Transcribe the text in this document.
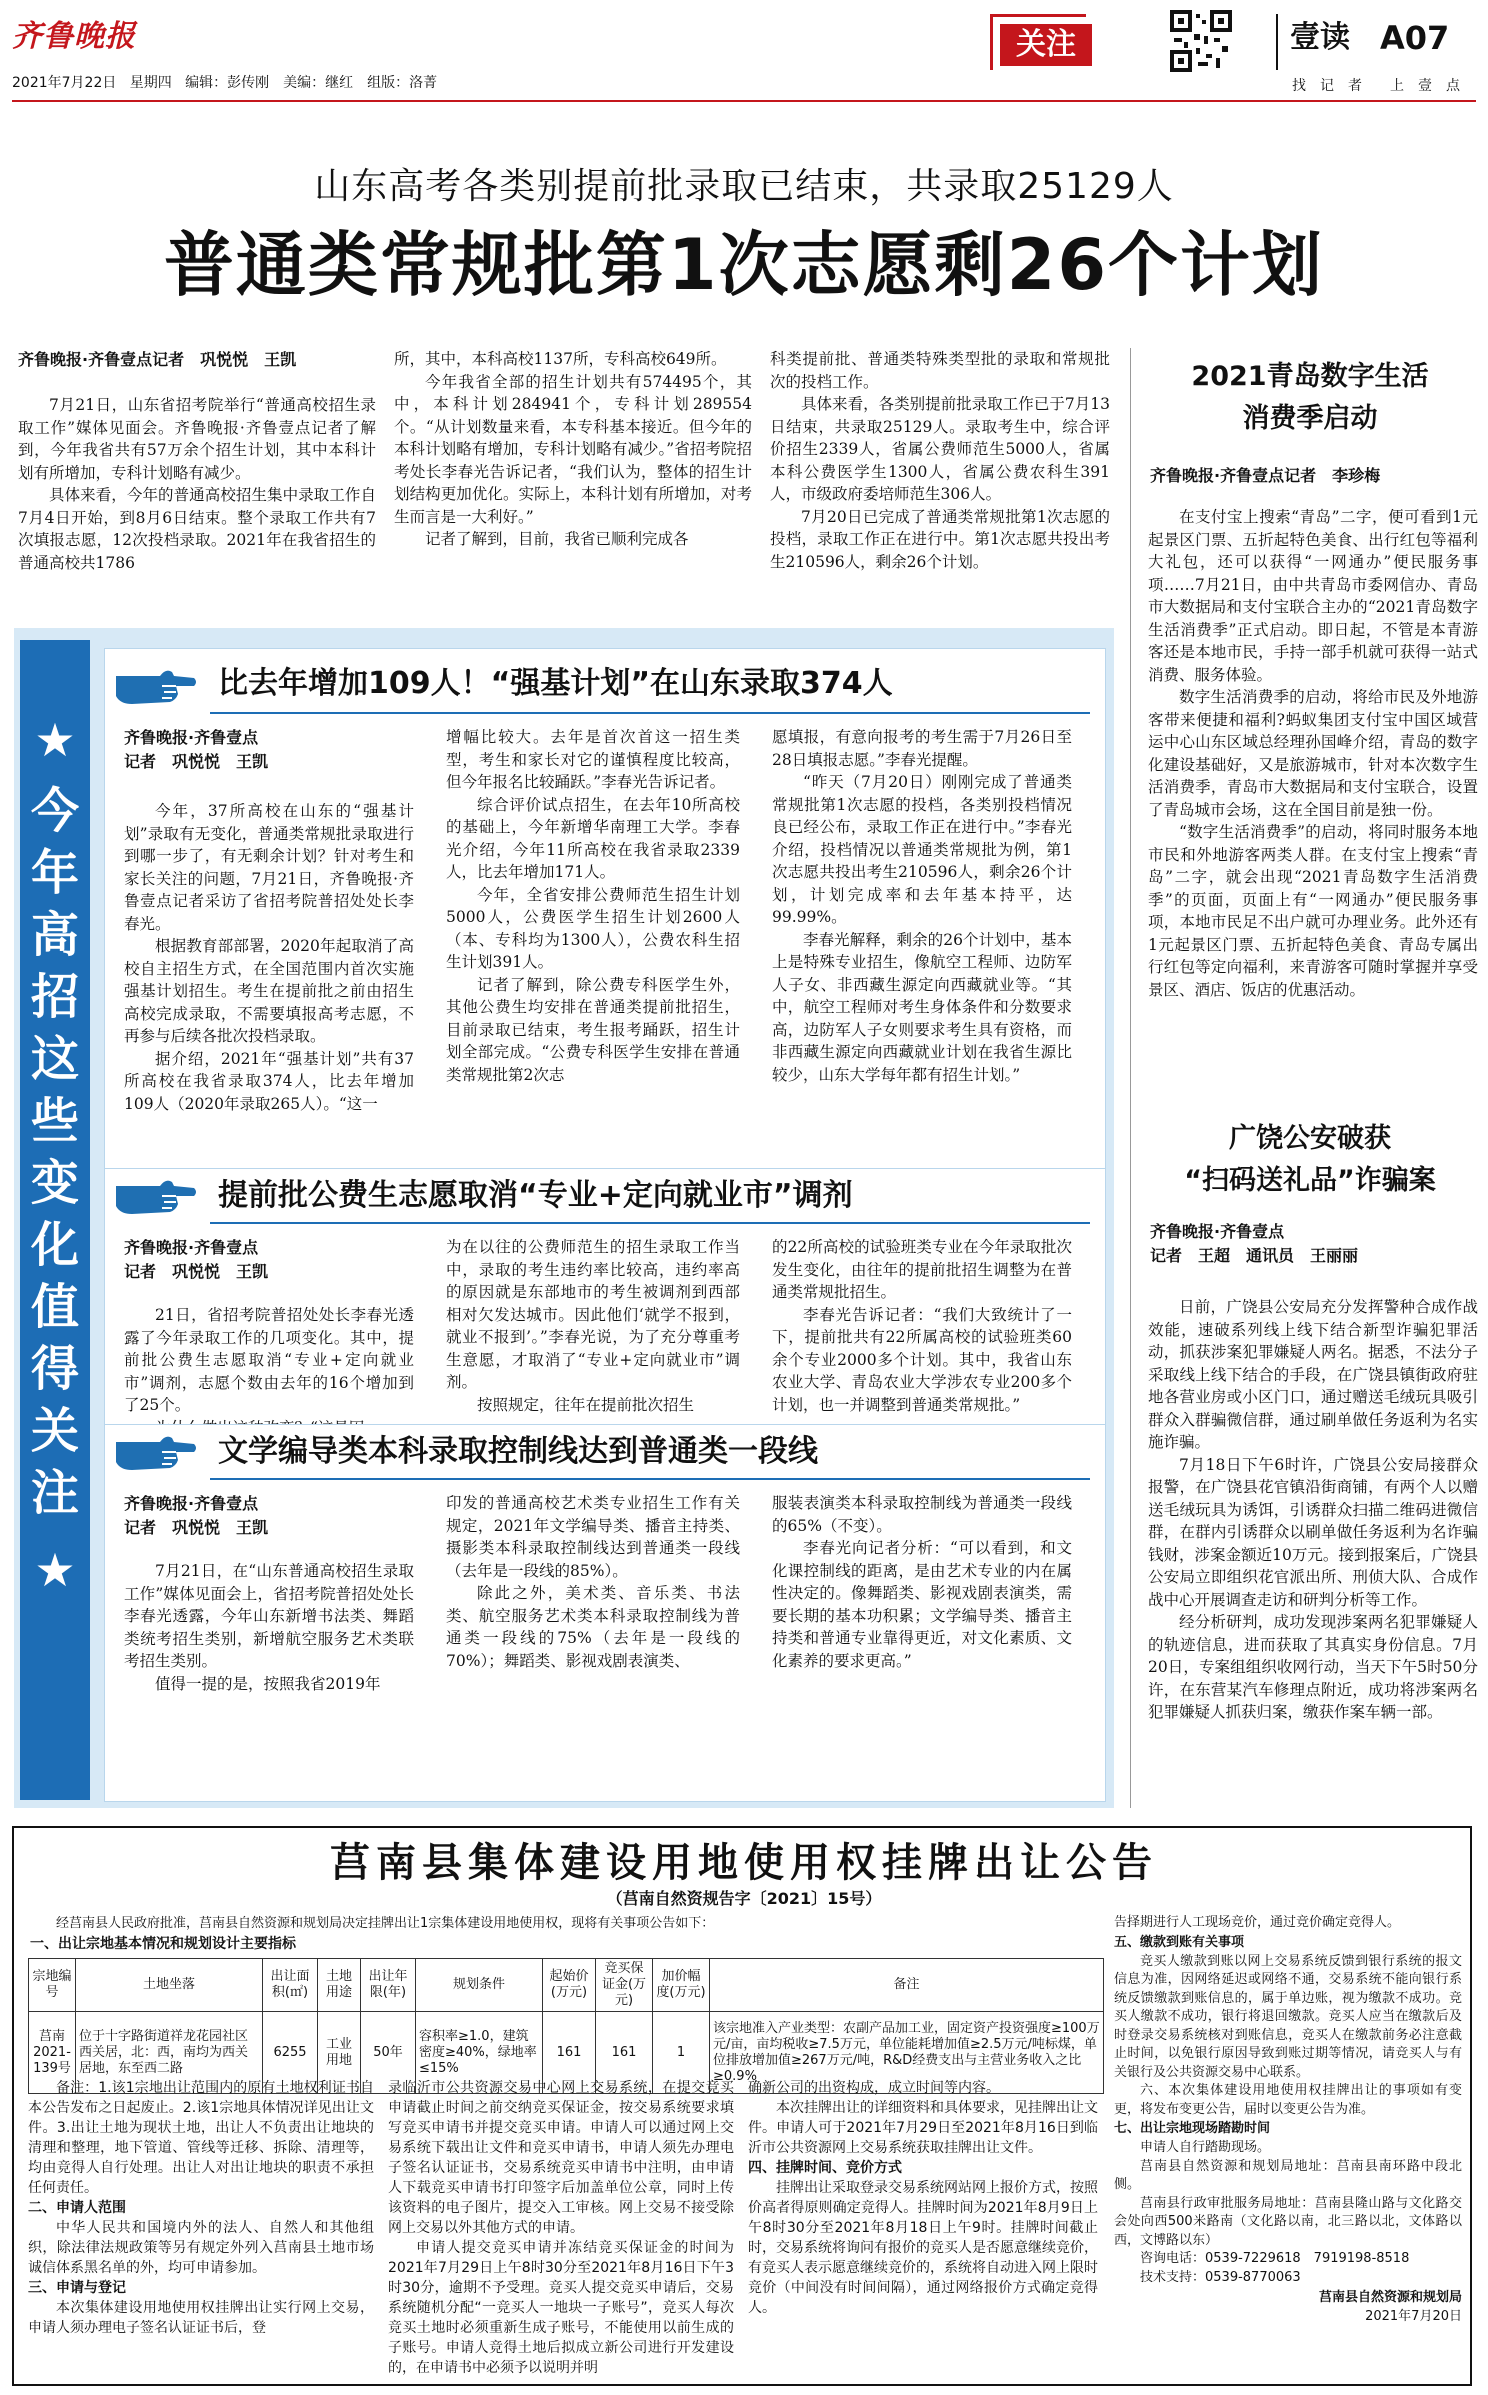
齐鲁晚报
2021年7月22日 星期四 编辑：彭传刚　美编：继红　组版：洛菁
关注	壹读 A07
找　记　者　　上　壹　点
山东高考各类别提前批录取已结束，共录取25129人
普通类常规批第1次志愿剩26个计划
齐鲁晚报·齐鲁壹点记者　巩悦悦　王凯

7月21日，山东省招考院举行“普通高校招生录取工作”媒体见面会。齐鲁晚报·齐鲁壹点记者了解到，今年我省共有57万余个招生计划，其中本科计划有所增加，专科计划略有减少。

具体来看，今年的普通高校招生集中录取工作自7月4日开始，到8月6日结束。整个录取工作共有7次填报志愿，12次投档录取。2021年在我省招生的普通高校共1786

所，其中，本科高校1137所，专科高校649所。

今年我省全部的招生计划共有574495个，其中，本科计划284941个，专科计划289554个。“从计划数量来看，本专科基本接近。但今年的本科计划略有增加，专科计划略有减少。”省招考院招考处长李春光告诉记者，“我们认为，整体的招生计划结构更加优化。实际上，本科计划有所增加，对考生而言是一大利好。”

记者了解到，目前，我省已顺利完成各

科类提前批、普通类特殊类型批的录取和常规批次的投档工作。

具体来看，各类别提前批录取工作已于7月13日结束，共录取25129人。录取考生中，综合评价招生2339人，省属公费师范生5000人，省属本科公费医学生1300人，省属公费农科生391人，市级政府委培师范生306人。

7月20日已完成了普通类常规批第1次志愿的投档，录取工作正在进行中。第1次志愿共投出考生210596人，剩余26个计划。

★
今年高招这些变化值得关注
★
比去年增加109人！“强基计划”在山东录取374人
齐鲁晚报·齐鲁壹点
记者　巩悦悦　王凯

今年，37所高校在山东的“强基计划”录取有无变化，普通类常规批录取进行到哪一步了，有无剩余计划？针对考生和家长关注的问题，7月21日，齐鲁晚报·齐鲁壹点记者采访了省招考院普招处处长李春光。

根据教育部部署，2020年起取消了高校自主招生方式，在全国范围内首次实施强基计划招生。考生在提前批之前由招生高校完成录取，不需要填报高考志愿，不再参与后续各批次投档录取。

据介绍，2021年“强基计划”共有37所高校在我省录取374人，比去年增加109人（2020年录取265人）。“这一

增幅比较大。去年是首次首这一招生类型，考生和家长对它的谨慎程度比较高，但今年报名比较踊跃。”李春光告诉记者。

综合评价试点招生，在去年10所高校的基础上，今年新增华南理工大学。李春光介绍，今年11所高校在我省录取2339人，比去年增加171人。

今年，全省安排公费师范生招生计划5000人，公费医学生招生计划2600人（本、专科均为1300人），公费农科生招生计划391人。

记者了解到，除公费专科医学生外，其他公费生均安排在普通类提前批招生，目前录取已结束，考生报考踊跃，招生计划全部完成。“公费专科医学生安排在普通类常规批第2次志

愿填报，有意向报考的考生需于7月26日至28日填报志愿。”李春光提醒。

“昨天（7月20日）刚刚完成了普通类常规批第1次志愿的投档，各类别投档情况良已经公布，录取工作正在进行中。”李春光介绍，投档情况以普通类常规批为例，第1次志愿共投出考生210596人，剩余26个计划，计划完成率和去年基本持平，达99.99%。

李春光解释，剩余的26个计划中，基本上是特殊专业招生，像航空工程师、边防军人子女、非西藏生源定向西藏就业等。“其中，航空工程师对考生身体条件和分数要求高，边防军人子女则要求考生具有资格，而非西藏生源定向西藏就业计划在我省生源比较少，山东大学每年都有招生计划。”

提前批公费生志愿取消“专业+定向就业市”调剂
齐鲁晚报·齐鲁壹点
记者　巩悦悦　王凯

21日，省招考院普招处处长李春光透露了今年录取工作的几项变化。其中，提前批公费生志愿取消“专业+定向就业市”调剂，志愿个数由去年的16个增加到了25个。

为在以往的公费师范生的招生录取工作当中，录取的考生违约率比较高，违约率高的原因就是东部地市的考生被调剂到西部相对欠发达城市。因此他们‘就学不报到，就业不报到’。”李春光说，为了充分尊重考生意愿，才取消了“专业+定向就业市”调剂。

按照规定，往年在提前批次招生

的22所高校的试验班类专业在今年录取批次发生变化，由往年的提前批招生调整为在普通类常规批招生。

李春光告诉记者：“我们大致统计了一下，提前批共有22所属高校的试验班类60余个专业2000多个计划。其中，我省山东农业大学、青岛农业大学涉农专业200多个计划，也一并调整到普通类常规批。”

文学编导类本科录取控制线达到普通类一段线
齐鲁晚报·齐鲁壹点
记者　巩悦悦　王凯

7月21日，在“山东普通高校招生录取工作”媒体见面会上，省招考院普招处处长李春光透露，今年山东新增书法类、舞蹈类统考招生类别，新增航空服务艺术类联考招生类别。

值得一提的是，按照我省2019年

印发的普通高校艺术类专业招生工作有关规定，2021年文学编导类、播音主持类、摄影类本科录取控制线达到普通类一段线（去年是一段线的85%）。

除此之外，美术类、音乐类、书法类、航空服务艺术类本科录取控制线为普通类一段线的75%（去年是一段线的70%）；舞蹈类、影视戏剧表演类、

服装表演类本科录取控制线为普通类一段线的65%（不变）。

李春光向记者分析：“可以看到，和文化课控制线的距离，是由艺术专业的内在属性决定的。像舞蹈类、影视戏剧表演类，需要长期的基本功积累；文学编导类、播音主持类和普通专业靠得更近，对文化素质、文化素养的要求更高。”

2021青岛数字生活
消费季启动
齐鲁晚报·齐鲁壹点记者　李珍梅

在支付宝上搜索“青岛”二字，便可看到1元起景区门票、五折起特色美食、出行红包等福利大礼包，还可以获得“一网通办”便民服务事项……7月21日，由中共青岛市委网信办、青岛市大数据局和支付宝联合主办的“2021青岛数字生活消费季”正式启动。即日起，不管是本青游客还是本地市民，手持一部手机就可获得一站式消费、服务体验。

数字生活消费季的启动，将给市民及外地游客带来便捷和福利?蚂蚁集团支付宝中国区域营运中心山东区域总经理孙国峰介绍，青岛的数字化建设基础好，又是旅游城市，针对本次数字生活消费季，青岛市大数据局和支付宝联合，设置了青岛城市会场，这在全国目前是独一份。

“数字生活消费季”的启动，将同时服务本地市民和外地游客两类人群。在支付宝上搜索“青岛”二字，就会出现“2021青岛数字生活消费季”的页面，页面上有“一网通办”便民服务事项，本地市民足不出户就可办理业务。此外还有1元起景区门票、五折起特色美食、青岛专属出行红包等定向福利，来青游客可随时掌握并享受景区、酒店、饭店的优惠活动。

广饶公安破获
“扫码送礼品”诈骗案
齐鲁晚报·齐鲁壹点
记者　王超　通讯员　王丽丽

日前，广饶县公安局充分发挥警种合成作战效能，速破系列线上线下结合新型诈骗犯罪活动，抓获涉案犯罪嫌疑人两名。据悉，不法分子采取线上线下结合的手段，在广饶县镇街政府驻地各营业房或小区门口，通过赠送毛绒玩具吸引群众入群骗微信群，通过刷单做任务返利为名实施诈骗。

7月18日下午6时许，广饶县公安局接群众报警，在广饶县花官镇沿街商铺，有两个人以赠送毛绒玩具为诱饵，引诱群众扫描二维码进微信群，在群内引诱群众以刷单做任务返利为名诈骗钱财，涉案金额近10万元。接到报案后，广饶县公安局立即组织花官派出所、刑侦大队、合成作战中心开展调查走访和研判分析等工作。

经分析研判，成功发现涉案两名犯罪嫌疑人的轨迹信息，进而获取了其真实身份信息。7月20日，专案组组织收网行动，当天下午5时50分许，在东营某汽车修理点附近，成功将涉案两名犯罪嫌疑人抓获归案，缴获作案车辆一部。

莒南县集体建设用地使用权挂牌出让公告
（莒南自然资规告字〔2021〕15号）
经莒南县人民政府批准，莒南县自然资源和规划局决定挂牌出让1宗集体建设用地使用权，现将有关事项公告如下：
一、出让宗地基本情况和规划设计主要指标
宗地编号	土地坐落	出让面积(㎡)	土地用途	出让年限(年)	规划条件	起始价(万元)	竞买保证金(万元)	加价幅度(万元)	备注
莒南2021-139号	位于十字路街道祥龙花园社区西关居，北：西，南均为西关居地，东至西二路	6255	工业用地	50年	容积率≥1.0，建筑密度≥40%，绿地率≤15%	161	161	1	该宗地准入产业类型：农副产品加工业，固定资产投资强度≥100万元/亩，亩均税收≥7.5万元，单位能耗增加值≥2.5万元/吨标煤，单位排放增加值≥267万元/吨，R&D经费支出与主营业务收入之比≥0.9%

备注：1.该1宗地出让范围内的原有土地权利证书自本公告发布之日起废止。2.该1宗地具体情况详见出让文件。3.出让土地为现状土地，出让人不负责出让地块的清理和整理，地下管道、管线等迁移、拆除、清理等，均由竞得人自行处理。出让人对出让地块的职责不承担任何责任。

二、申请人范围

中华人民共和国境内外的法人、自然人和其他组织，除法律法规政策等另有规定外列入莒南县土地市场诚信体系黑名单的外，均可申请参加。

三、申请与登记

本次集体建设用地使用权挂牌出让实行网上交易，申请人须办理电子签名认证证书后，登

录临沂市公共资源交易中心网上交易系统，在提交竞买申请截止时间之前交纳竞买保证金，按交易系统要求填写竞买申请书并提交竞买申请。申请人可以通过网上交易系统下载出让文件和竞买申请书，申请人须先办理电子签名认证证书，交易系统竞买申请书中注明，由申请人下载竞买申请书打印签字后加盖单位公章，同时上传该资料的电子图片，提交入工审核。网上交易不接受除网上交易以外其他方式的申请。

申请人提交竞买申请并冻结竞买保证金的时间为2021年7月29日上午8时30分至2021年8月16日下午3时30分，逾期不予受理。竞买人提交竞买申请后，交易系统随机分配“一竞买人一地块一子账号”，竞买人每次竞买土地时必须重新生成子账号，不能使用以前生成的子账号。申请人竞得土地后拟成立新公司进行开发建设的，在申请书中必须予以说明并明

确新公司的出资构成，成立时间等内容。

本次挂牌出让的详细资料和具体要求，见挂牌出让文件。申请人可于2021年7月29日至2021年8月16日到临沂市公共资源网上交易系统获取挂牌出让文件。

四、挂牌时间、竞价方式

挂牌出让采取登录交易系统网站网上报价方式，按照价高者得原则确定竞得人。挂牌时间为2021年8月9日上午8时30分至2021年8月18日上午9时。挂牌时间截止时，交易系统将询问有报价的竞买人是否愿意继续竞价，有竞买人表示愿意继续竞价的，系统将自动进入网上限时竞价（中间没有时间间隔），通过网络报价方式确定竞得人。

告择期进行人工现场竞价，通过竞价确定竞得人。

五、缴款到账有关事项

竞买人缴款到账以网上交易系统反馈到银行系统的报文信息为准，因网络延迟或网络不通，交易系统不能向银行系统反馈缴款到账信息的，属于单边账，视为缴款不成功。竞买人缴款不成功，银行将退回缴款。竞买人应当在缴款后及时登录交易系统核对到账信息，竞买人在缴款前务必注意截止时间，以免银行原因导致到账过期等情况，请竞买人与有关银行及公共资源交易中心联系。

六、本次集体建设用地使用权挂牌出让的事项如有变更，将发布变更公告，届时以变更公告为准。

七、出让宗地现场踏勘时间

申请人自行踏勘现场。

莒南县自然资源和规划局地址：莒南县南环路中段北侧。

莒南县行政审批服务局地址：莒南县隆山路与文化路交会处向西500米路南（文化路以南，北三路以北，文体路以西，文博路以东）

咨询电话：0539-7229618　7919198-8518

技术支持：0539-8770063

莒南县自然资源和规划局
2021年7月20日
